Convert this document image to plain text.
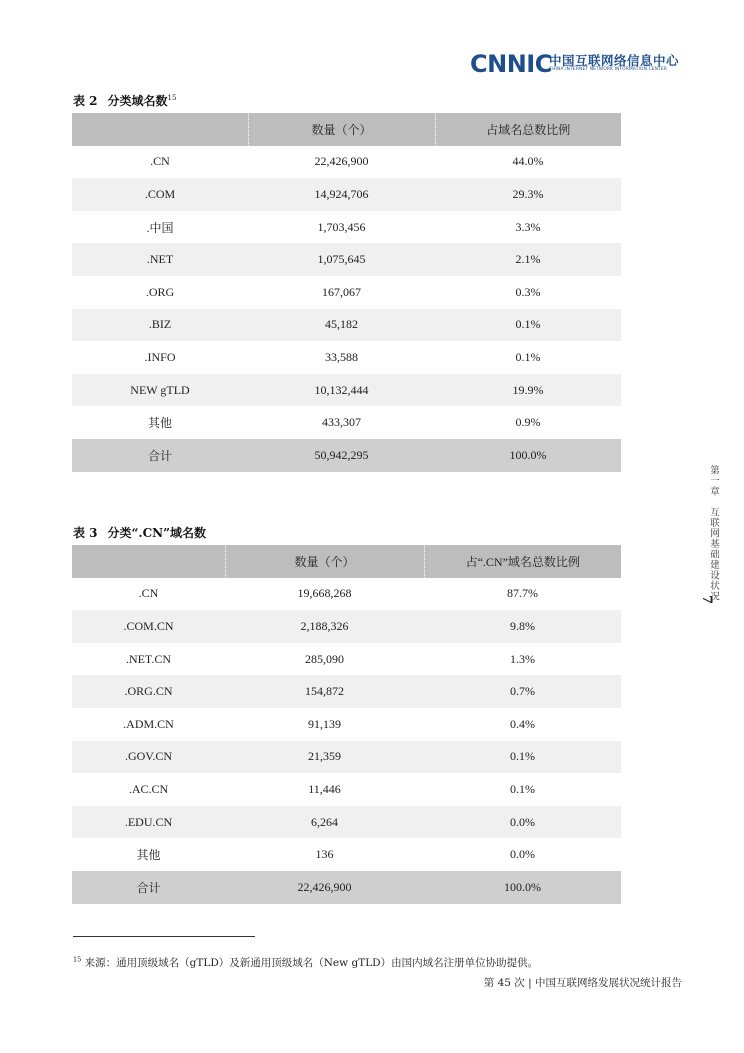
CNNIC
中国互联网络信息中心
CHINA INTERNET NETWORK INFORMATION CENTER
表 2 分类域名数$^{15}$
	数量（个）	占域名总数比例
.CN	22,426,900	44.0%
.COM	14,924,706	29.3%
.中国	1,703,456	3.3%
.NET	1,075,645	2.1%
.ORG	167,067	0.3%
.BIZ	45,182	0.1%
.INFO	33,588	0.1%
NEW gTLD	10,132,444	19.9%
其他	433,307	0.9%
合计	50,942,295	100.0%
表 3 分类“.CN”域名数
	数量（个）	占“.CN”域名总数比例
.CN	19,668,268	87.7%
.COM.CN	2,188,326	9.8%
.NET.CN	285,090	1.3%
.ORG.CN	154,872	0.7%
.ADM.CN	91,139	0.4%
.GOV.CN	21,359	0.1%
.AC.CN	11,446	0.1%
.EDU.CN	6,264	0.0%
其他	136	0.0%
合计	22,426,900	100.0%
第一章　互联网基础建设状况
7
$^{15}$ 来源：通用顶级域名（gTLD）及新通用顶级域名（New gTLD）由国内域名注册单位协助提供。
第 45 次 | 中国互联网络发展状况统计报告
